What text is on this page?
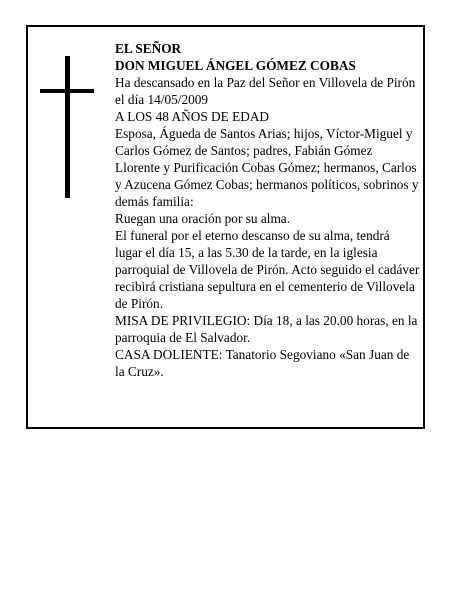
EL SEÑOR

DON MIGUEL ÁNGEL GÓMEZ COBAS

Ha descansado en la Paz del Señor en Villovela de Pirón el día 14/05/2009

A LOS 48 AÑOS DE EDAD

Esposa, Águeda de Santos Arias; hijos, Víctor-Miguel y Carlos Gómez de Santos; padres, Fabián Gómez Llorente y Purificación Cobas Gómez; hermanos, Carlos y Azucena Gómez Cobas; hermanos políticos, sobrinos y demás familia:

Ruegan una oración por su alma.

El funeral por el eterno descanso de su alma, tendrá lugar el día 15, a las 5.30 de la tarde, en la iglesia parroquial de Villovela de Pirón. Acto seguido el cadáver recibirá cristiana sepultura en el cementerio de Villovela de Pirón.

MISA DE PRIVILEGIO: Día 18, a las 20.00 horas, en la parroquia de El Salvador.

CASA DOLIENTE: Tanatorio Segoviano «San Juan de la Cruz».
